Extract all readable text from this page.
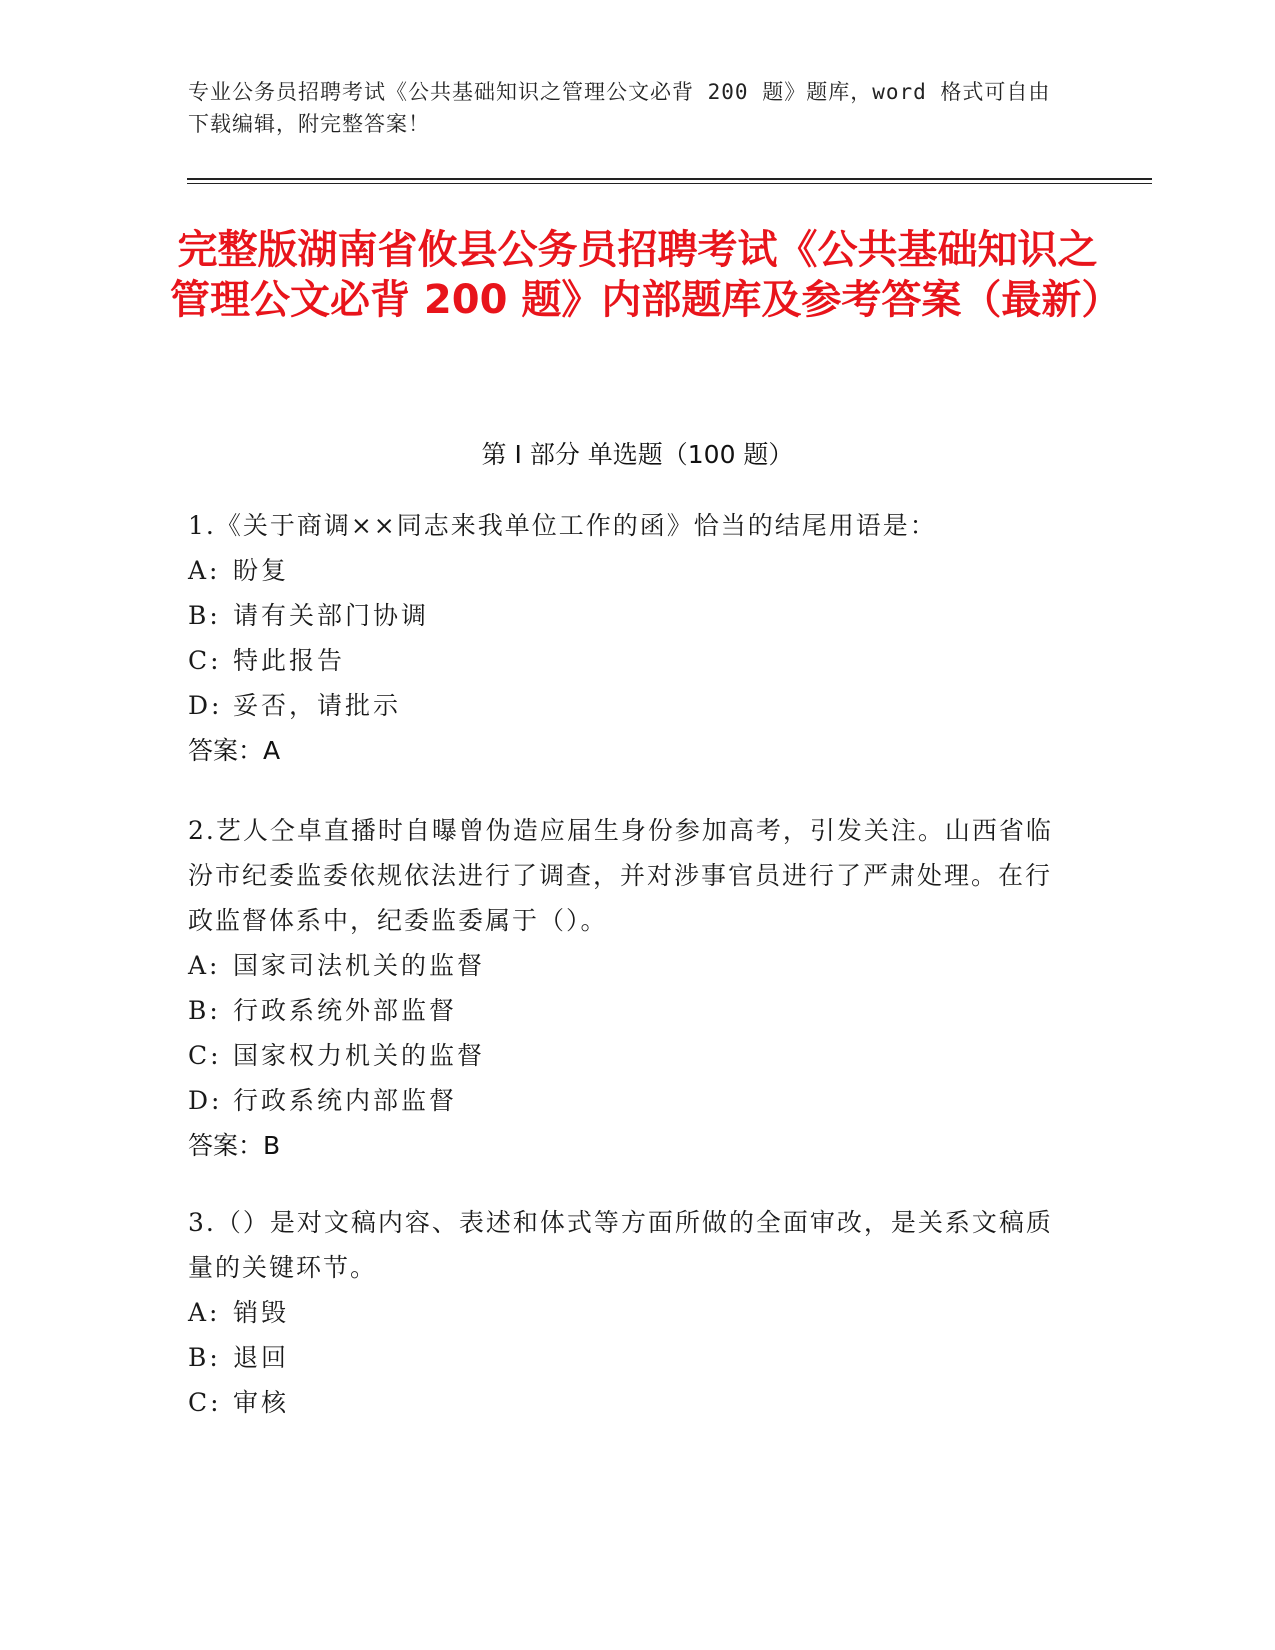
专业公务员招聘考试《公共基础知识之管理公文必背 200 题》题库，word 格式可自由下载编辑，附完整答案！
完整版湖南省攸县公务员招聘考试《公共基础知识之管理公文必背 200 题》内部题库及参考答案（最新）
第 I 部分 单选题（100 题）
1.《关于商调××同志来我单位工作的函》恰当的结尾用语是：
A: 盼复
B: 请有关部门协调
C: 特此报告
D: 妥否，请批示
答案：A
2.艺人仝卓直播时自曝曾伪造应届生身份参加高考，引发关注。山西省临汾市纪委监委依规依法进行了调查，并对涉事官员进行了严肃处理。在行政监督体系中，纪委监委属于（）。
A: 国家司法机关的监督
B: 行政系统外部监督
C: 国家权力机关的监督
D: 行政系统内部监督
答案：B
3.（）是对文稿内容、表述和体式等方面所做的全面审改，是关系文稿质量的关键环节。
A: 销毁
B: 退回
C: 审核
